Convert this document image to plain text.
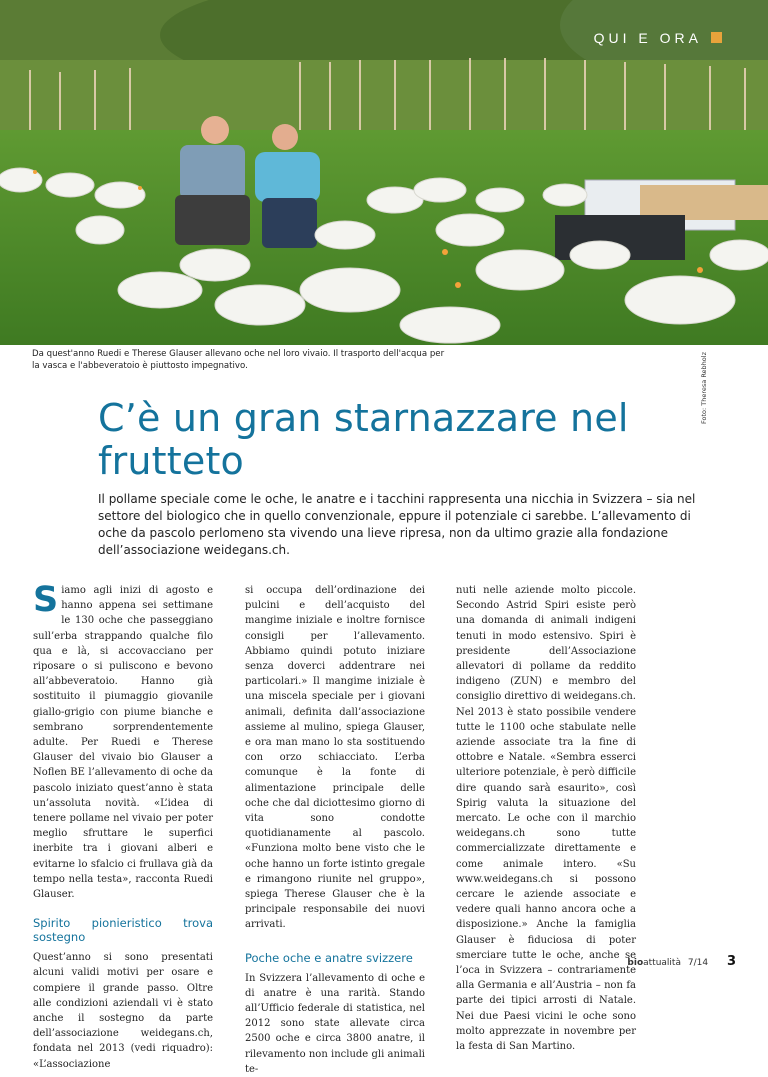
QUI E ORA
Da quest'anno Ruedi e Therese Glauser allevano oche nel loro vivaio. Il trasporto dell'acqua per la vasca e l'abbeveratoio è piuttosto impegnativo.	Foto: Theresa Rebholz
C’è un gran starnazzare nel frutteto

Il pollame speciale come le oche, le anatre e i tacchini rappresenta una nicchia in Svizzera – sia nel settore del biologico che in quello convenzionale, eppure il potenziale ci sarebbe. L’allevamento di oche da pascolo perlomeno sta vivendo una lieve ripresa, non da ultimo grazie alla fondazione dell’associazione weidegans.ch.

Siamo agli inizi di agosto e hanno appena sei settimane le 130 oche che passeggiano sull’erba strappando qualche filo qua e là, si accovacciano per riposare o si puliscono e bevono all’abbeveratoio. Hanno già sostituito il piumaggio giovanile giallo-grigio con piume bianche e sembrano sorprendentemente adulte. Per Ruedi e Therese Glauser del vivaio bio Glauser a Noflen BE l’allevamento di oche da pascolo iniziato quest’anno è stata un’assoluta novità. «L’idea di tenere pollame nel vivaio per poter meglio sfruttare le superfici inerbite tra i giovani alberi e evitarne lo sfalcio ci frullava già da tempo nella testa», racconta Ruedi Glauser.

Spirito pionieristico trova sostegno

Quest’anno si sono presentati alcuni validi motivi per osare e compiere il grande passo. Oltre alle condizioni aziendali vi è stato anche il sostegno da parte dell’associazione weidegans.ch, fondata nel 2013 (vedi riquadro): «L’associazione

si occupa dell’ordinazione dei pulcini e dell’acquisto del mangime iniziale e inoltre fornisce consigli per l’allevamento. Abbiamo quindi potuto iniziare senza doverci addentrare nei particolari.» Il mangime iniziale è una miscela speciale per i giovani animali, definita dall’associazione assieme al mulino, spiega Glauser, e ora man mano lo sta sostituendo con orzo schiacciato. L’erba comunque è la fonte di alimentazione principale delle oche che dal diciottesimo giorno di vita sono condotte quotidianamente al pascolo. «Funziona molto bene visto che le oche hanno un forte istinto gregale e rimangono riunite nel gruppo», spiega Therese Glauser che è la principale responsabile dei nuovi arrivati.

Poche oche e anatre svizzere

In Svizzera l’allevamento di oche e di anatre è una rarità. Stando all’Ufficio federale di statistica, nel 2012 sono state allevate circa 2500 oche e circa 3800 anatre, il rilevamento non include gli animali te-

nuti nelle aziende molto piccole. Secondo Astrid Spiri esiste però una domanda di animali indigeni tenuti in modo estensivo. Spiri è presidente dell’Associazione allevatori di pollame da reddito indigeno (ZUN) e membro del consiglio direttivo di weidegans.ch. Nel 2013 è stato possibile vendere tutte le 1100 oche stabulate nelle aziende associate tra la fine di ottobre e Natale. «Sembra esserci ulteriore potenziale, è però difficile dire quando sarà esaurito», così Spirig valuta la situazione del mercato. Le oche con il marchio weidegans.ch sono tutte commercializzate direttamente e come animale intero. «Su www.weidegans.ch si possono cercare le aziende associate e vedere quali hanno ancora oche a disposizione.» Anche la famiglia Glauser è fiduciosa di poter smerciare tutte le oche, anche se l’oca in Svizzera – contrariamente alla Germania e all’Austria – non fa parte dei tipici arrosti di Natale. Nei due Paesi vicini le oche sono molto apprezzate in novembre per la festa di San Martino.

bioattualità 7/14 3
